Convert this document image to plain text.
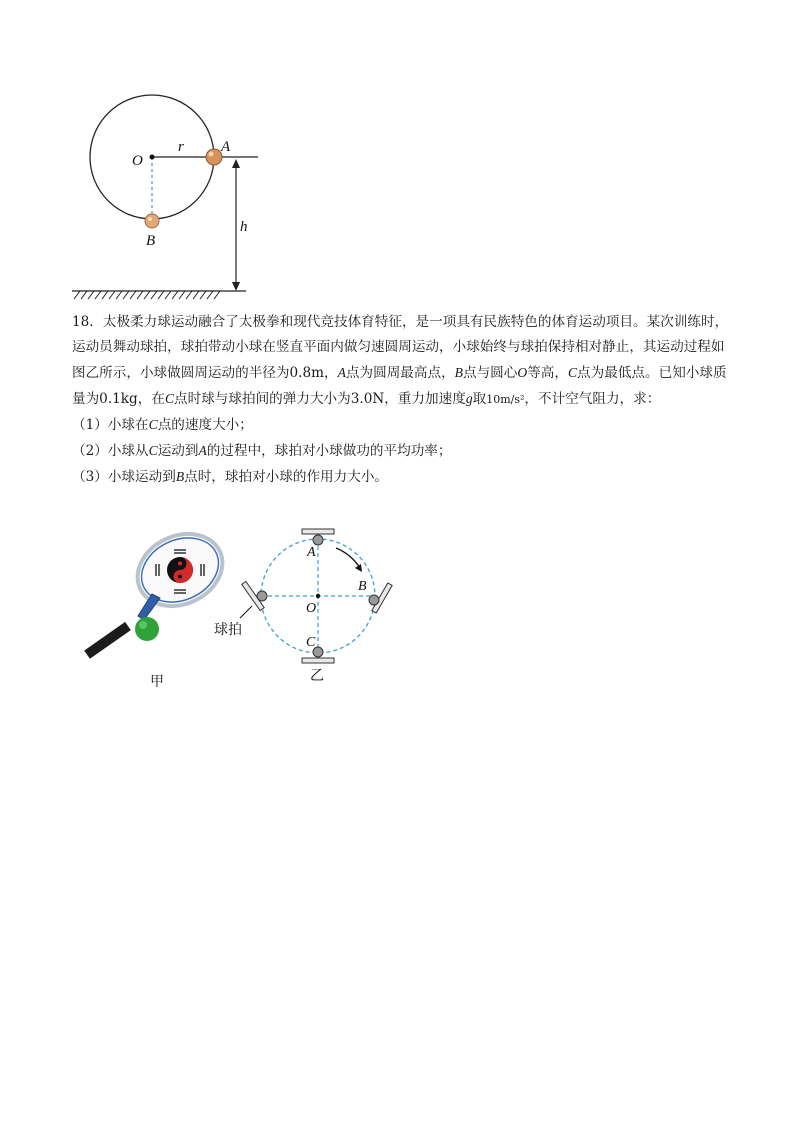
O
r A
B
h

18．太极柔力球运动融合了太极拳和现代竞技体育特征，是一项具有民族特色的体育运动项目。某次训练时，运动员舞动球拍，球拍带动小球在竖直平面内做匀速圆周运动，小球始终与球拍保持相对静止，其运动过程如图乙所示，小球做圆周运动的半径为0.8m，A点为圆周最高点，B点与圆心O等高，C点为最低点。已知小球质量为0.1kg，在C点时球与球拍间的弹力大小为3.0N，重力加速度g取10m/s²，不计空气阻力，求：

（1）小球在C点的速度大小；

（2）小球从C运动到A的过程中，球拍对小球做功的平均功率；

（3）小球运动到B点时，球拍对小球的作用力大小。

甲
A
B
O
C
球拍
乙
